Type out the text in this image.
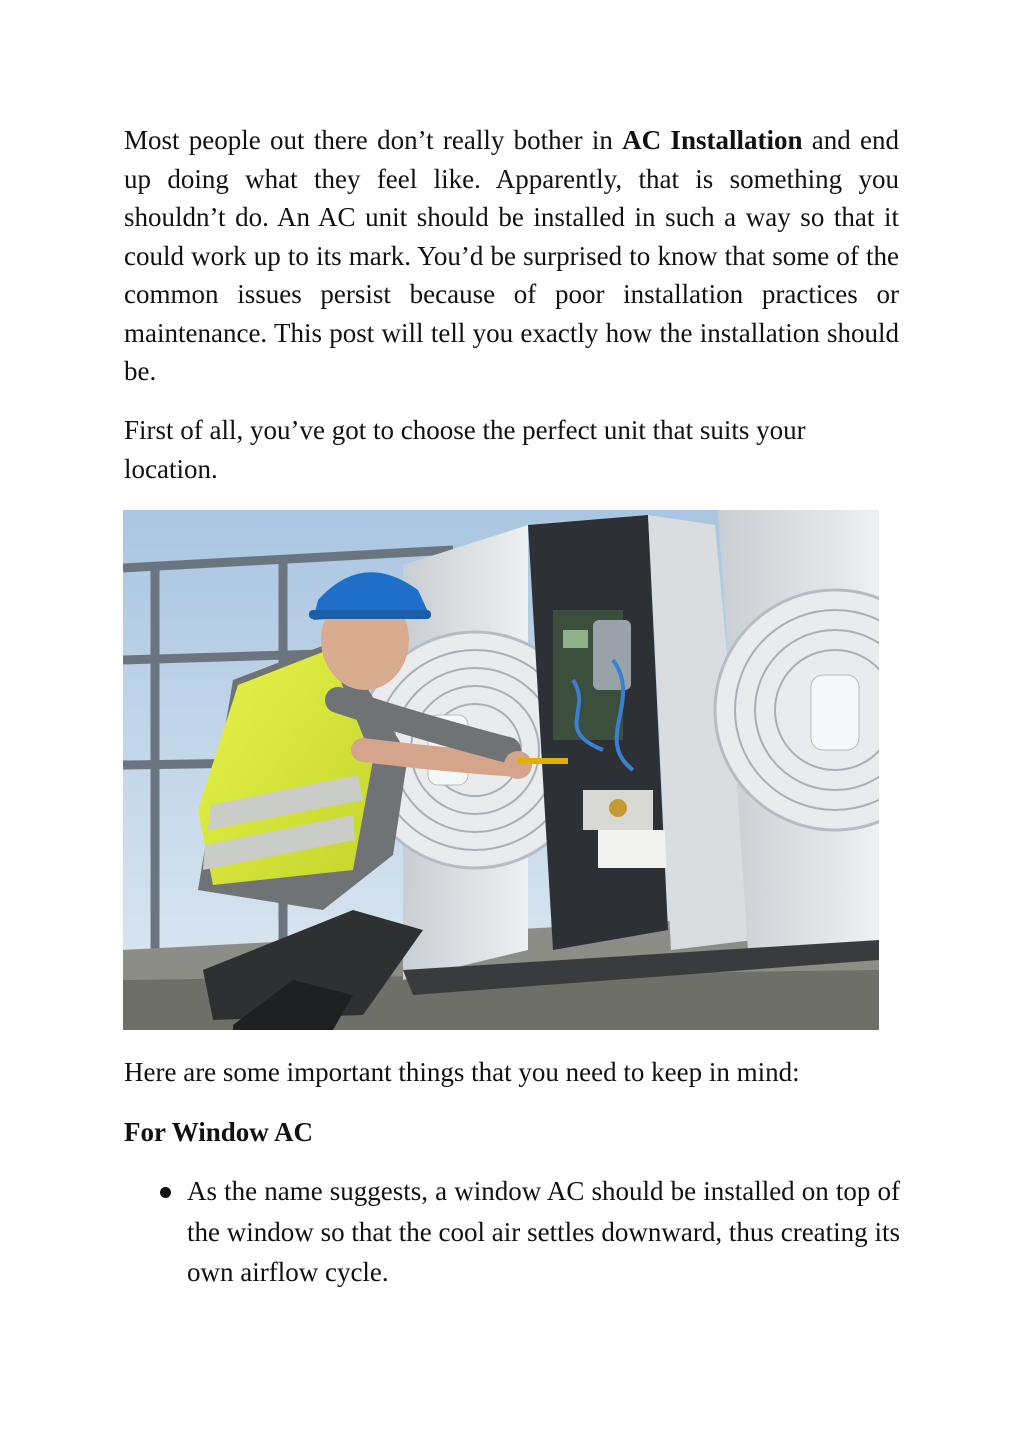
Most people out there don’t really bother in AC Installation and end up doing what they feel like. Apparently, that is something you shouldn’t do. An AC unit should be installed in such a way so that it could work up to its mark. You’d be surprised to know that some of the common issues persist because of poor installation practices or maintenance. This post will tell you exactly how the installation should be.

First of all, you’ve got to choose the perfect unit that suits your location.

Here are some important things that you need to keep in mind:

For Window AC
As the name suggests, a window AC should be installed on top of the window so that the cool air settles downward, thus creating its own airflow cycle.
